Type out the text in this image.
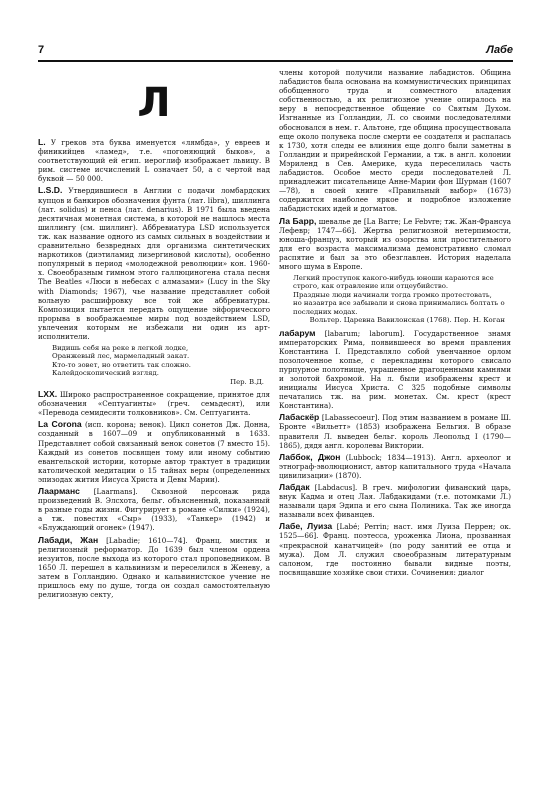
7	Лабе
Л

L. У греков эта буква именуется «лямбда», у евреев и финикийцев «ламед», т.е. «погоняющий быков», а соответствующий ей егип. иероглиф изображает львицу. В рим. системе исчислений L означает 50, а с чертой над буквой — 50 000.

L.S.D. Утвердившиеся в Англии с подачи ломбардских купцов и банкиров обозначения фунта (лат. libra), шиллинга (лат. solidus) и пенса (лат. denarius). В 1971 была введена десятичная монетная система, в которой не нашлось места шиллингу (см. шиллинг). Аббревиатура LSD используется тж. как название одного из самых сильных в воздействии и сравнительно безвредных для организма синтетических наркотиков (диэтиламид лизергиновой кислоты), особенно популярный в период «молодежной революции» кон. 1960-х. Своеобразным гимном этого галлюциногена стала песня The Beatles «Люси в небесах с алмазами» (Lucy in the Sky with Diamonds; 1967), чье название представляет собой вольную расшифровку все той же аббревиатуры. Композиция пытается передать ощущение эйфорического прорыва в воображаемые миры под воздействием LSD, увлечения которым не избежали ни один из арт-исполнители.

Видишь себя на реке в легкой лодке,
Оранжевый лес, мармеладный закат.
Кто-то зовет, но ответить так сложно.
Калейдоскопический взгляд.
Пер. В.Д.

LXX. Широко распространенное сокращение, принятое для обозначения «Септуагинты» (греч. семьдесят), или «Перевода семидесяти толковников». См. Септуагинта.

La Corona (исп. корона; венок). Цикл сонетов Дж. Донна, созданный в 1607—09 и опубликованный в 1633. Представляет собой связанный венок сонетов (7 вместо 15). Каждый из сонетов посвящен тому или иному событию евангельской истории, которые автор трактует в традиции католической медитации о 15 тайнах веры (определенных эпизодах жития Иисуса Христа и Девы Марии).

Лаарманс [Laarmans]. Сквозной персонаж ряда произведений В. Элсхота, бельг. объясненный, показанный в разные годы жизни. Фигурирует в романе «Силки» (1924), а тж. повестях «Сыр» (1933), «Танкер» (1942) и «Блуждающий огонек» (1947).

Лабади, Жан [Labadie; 1610—74]. Франц. мистик и религиозный реформатор. До 1639 был членом ордена иезуитов, после выхода из которого стал проповедником. В 1650 Л. перешел в кальвинизм и переселился в Женеву, а затем в Голландию. Однако и кальвинистское учение не пришлось ему по душе, тогда он создал самостоятельную религиозную секту,

члены которой получили название лабадистов. Община лабадистов была основана на коммунистических принципах обобщенного труда и совместного владения собственностью, а их религиозное учение опиралось на веру в непосредственное общение со Святым Духом. Изгнанные из Голландии, Л. со своими последователями обосновался в нем. г. Альтоне, где община просуществовала еще около полувека после смерти ее создателя и распалась к 1730, хотя следы ее влияния еще долго были заметны в Голландии и прирейнской Германии, а тж. в англ. колонии Мэриленд в Сев. Америке, куда переселилась часть лабадистов. Особое место среди последователей Л. принадлежит писательнице Анне-Марии фон Шурман (1607—78), в своей книге «Правильный выбор» (1673) содержится наиболее яркое и подробное изложение лабадистских идей и догматов.

Ла Барр, шевалье де [La Barre; Le Febvre; тж. Жан-Франсуа Лефевр; 1747—66]. Жертва религиозной нетерпимости, юноша-француз, который из озорства или простительного для его возраста максимализма демонстративно сломал распятие и был за это обезглавлен. История наделала много шума в Европе.

Легкий проступок какого-нибудь юноши караются все строго, как отравление или отцеубийство.
Праздные люди начинали тогда громко протестовать,
но назавтра все забывали и снова принимались болтать о последних модах.
Вольтер. Царевна Вавилонская (1768). Пер. Н. Коган

лабарум [labarum; laborum]. Государственное знамя императорских Рима, появившееся во время правления Константина I. Представляло собой увенчанное орлом позолоченное копье, с перекладины которого свисало пурпурное полотнище, украшенное драгоценными камнями и золотой бахромой. На л. были изображены крест и инициалы Иисуса Христа. С 325 подобные символы печатались тж. на рим. монетах. См. крест (крест Константина).

Лабаскёр [Labassecoeur]. Под этим названием в романе Ш. Бронте «Вильетт» (1853) изображена Бельгия. В образе правителя Л. выведен бельг. король Леопольд I (1790—1865), дядя англ. королевы Виктории.

Лаббок, Джон (Lubbock; 1834—1913). Англ. археолог и этнограф-эволюционист, автор капитального труда «Начала цивилизации» (1870).

Лабдак [Labdacus]. В греч. мифологии фиванский царь, внук Кадма и отец Лая. Лабдакидами (т.е. потомками Л.) называли царя Эдипа и его сына Полиника. Так же иногда называли всех фиванцев.

Лабе, Луиза [Labé; Perrin; наст. имя Луиза Перрен; ок. 1525—66]. Франц. поэтесса, уроженка Лиона, прозванная «прекрасной канатчицей» (по роду занятий ее отца и мужа). Дом Л. служил своеобразным литературным салоном, где постоянно бывали видные поэты, посвящавшие хозяйке свои стихи. Сочинения: диалог
